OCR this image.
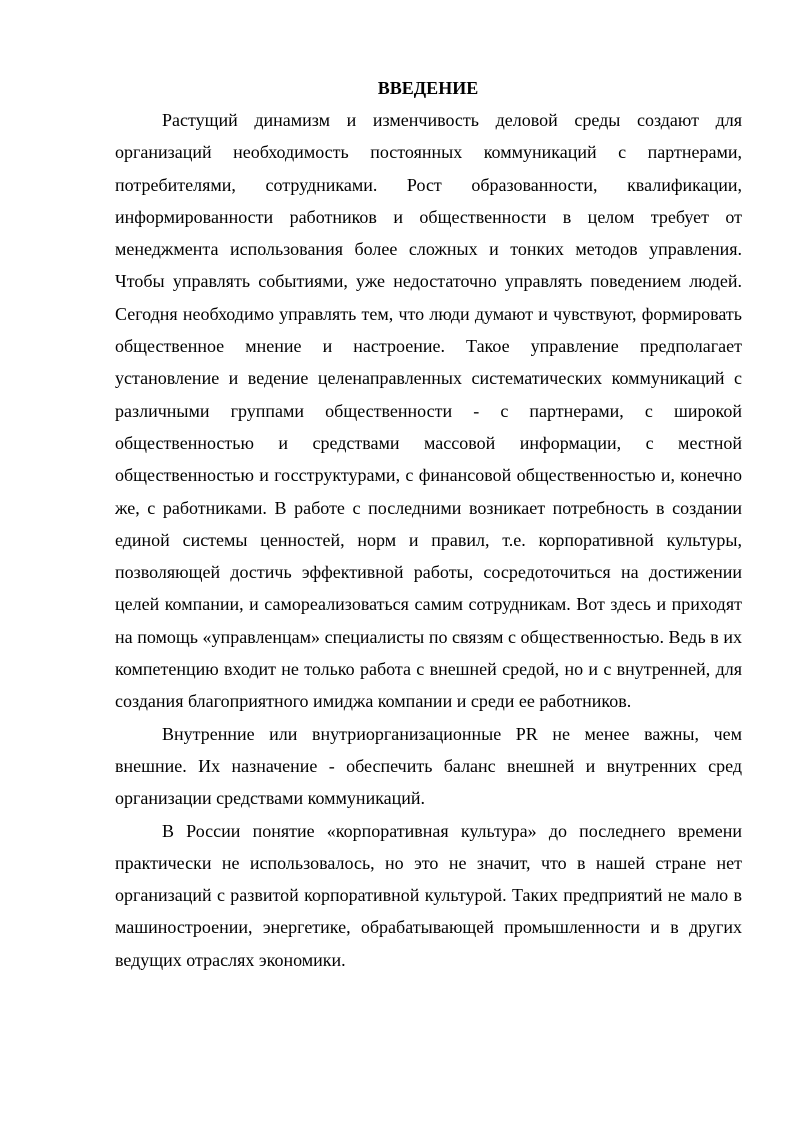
ВВЕДЕНИЕ

Растущий динамизм и изменчивость деловой среды создают для организаций необходимость постоянных коммуникаций с партнерами, потребителями, сотрудниками. Рост образованности, квалификации, информированности работников и общественности в целом требует от менеджмента использования более сложных и тонких методов управления. Чтобы управлять событиями, уже недостаточно управлять поведением людей. Сегодня необходимо управлять тем, что люди думают и чувствуют, формировать общественное мнение и настроение. Такое управление предполагает установление и ведение целенаправленных систематических коммуникаций с различными группами общественности - с партнерами, с широкой общественностью и средствами массовой информации, с местной общественностью и госструктурами, с финансовой общественностью и, конечно же, с работниками. В работе с последними возникает потребность в создании единой системы ценностей, норм и правил, т.е. корпоративной культуры, позволяющей достичь эффективной работы, сосредоточиться на достижении целей компании, и самореализоваться самим сотрудникам. Вот здесь и приходят на помощь «управленцам» специалисты по связям с общественностью. Ведь в их компетенцию входит не только работа с внешней средой, но и с внутренней, для создания благоприятного имиджа компании и среди ее работников.

Внутренние или внутриорганизационные PR не менее важны, чем внешние. Их назначение - обеспечить баланс внешней и внутренних сред организации средствами коммуникаций.

В России понятие «корпоративная культура» до последнего времени практически не использовалось, но это не значит, что в нашей стране нет организаций с развитой корпоративной культурой. Таких предприятий не мало в машиностроении, энергетике, обрабатывающей промышленности и в других ведущих отраслях экономики.
